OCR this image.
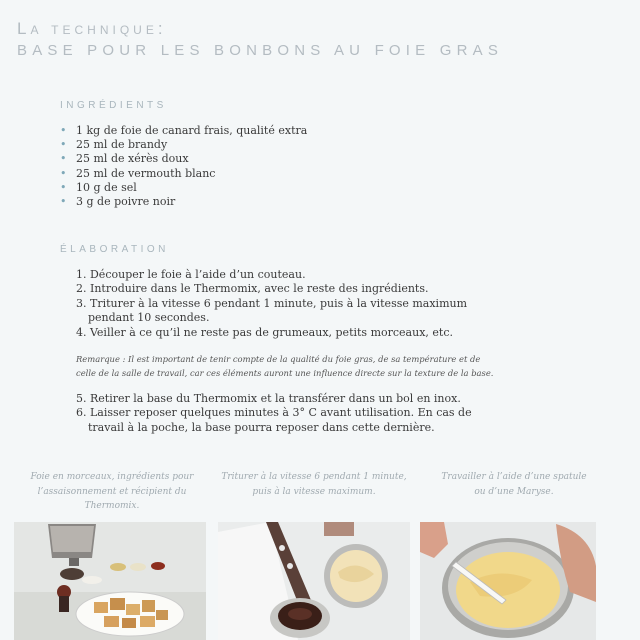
La technique:
BASE POUR LES BONBONS AU FOIE GRAS
INGRÉDIENTS
• 1 kg de foie de canard frais, qualité extra
• 25 ml de brandy
• 25 ml de xérès doux
• 25 ml de vermouth blanc
• 10 g de sel
• 3 g de poivre noir
ÉLABORATION
1. Découper le foie à l’aide d’un couteau.
2. Introduire dans le Thermomix, avec le reste des ingrédients.
3. Triturer à la vitesse 6 pendant 1 minute, puis à la vitesse maximum pendant 10 secondes.
4. Veiller à ce qu’il ne reste pas de grumeaux, petits morceaux, etc.
Remarque : Il est important de tenir compte de la qualité du foie gras, de sa température et de celle de la salle de travail, car ces éléments auront une influence directe sur la texture de la base.
5. Retirer la base du Thermomix et la transférer dans un bol en inox.
6. Laisser reposer quelques minutes à 3° C avant utilisation. En cas de travail à la poche, la base pourra reposer dans cette dernière.
Foie en morceaux, ingrédients pour l’assaisonnement et récipient du Thermomix.
Triturer à la vitesse 6 pendant 1 minute, puis à la vitesse maximum.
Travailler à l’aide d’une spatule ou d’une Maryse.
